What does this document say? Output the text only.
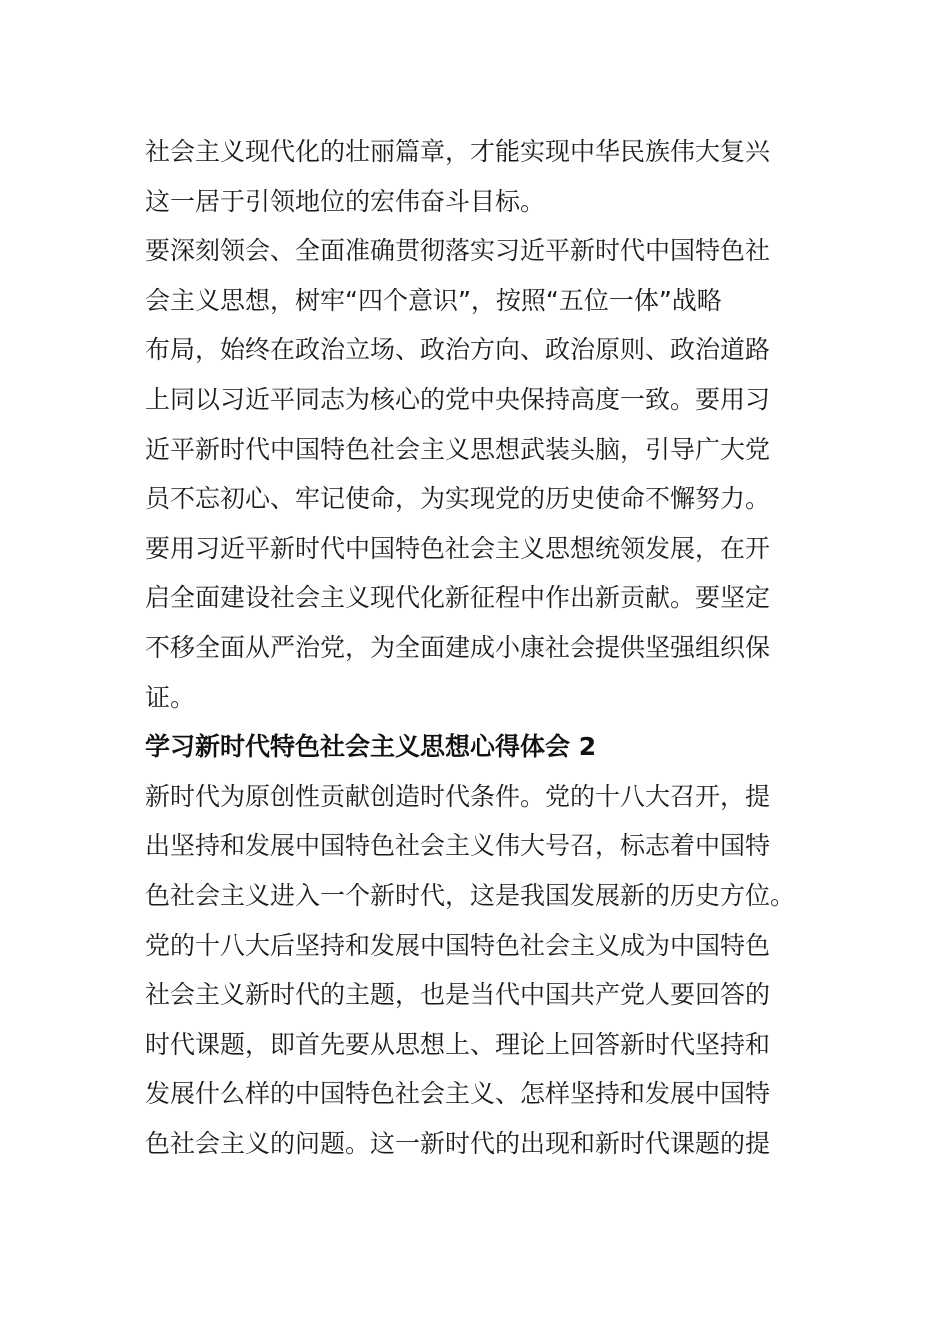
社会主义现代化的壮丽篇章，才能实现中华民族伟大复兴
这一居于引领地位的宏伟奋斗目标。
要深刻领会、全面准确贯彻落实习近平新时代中国特色社
会主义思想，树牢“四个意识”，按照“五位一体”战略
布局，始终在政治立场、政治方向、政治原则、政治道路
上同以习近平同志为核心的党中央保持高度一致。要用习
近平新时代中国特色社会主义思想武装头脑，引导广大党
员不忘初心、牢记使命，为实现党的历史使命不懈努力。
要用习近平新时代中国特色社会主义思想统领发展，在开
启全面建设社会主义现代化新征程中作出新贡献。要坚定
不移全面从严治党，为全面建成小康社会提供坚强组织保
证。
学习新时代特色社会主义思想心得体会 2
新时代为原创性贡献创造时代条件。党的十八大召开，提
出坚持和发展中国特色社会主义伟大号召，标志着中国特
色社会主义进入一个新时代，这是我国发展新的历史方位。
党的十八大后坚持和发展中国特色社会主义成为中国特色
社会主义新时代的主题，也是当代中国共产党人要回答的
时代课题，即首先要从思想上、理论上回答新时代坚持和
发展什么样的中国特色社会主义、怎样坚持和发展中国特
色社会主义的问题。这一新时代的出现和新时代课题的提
